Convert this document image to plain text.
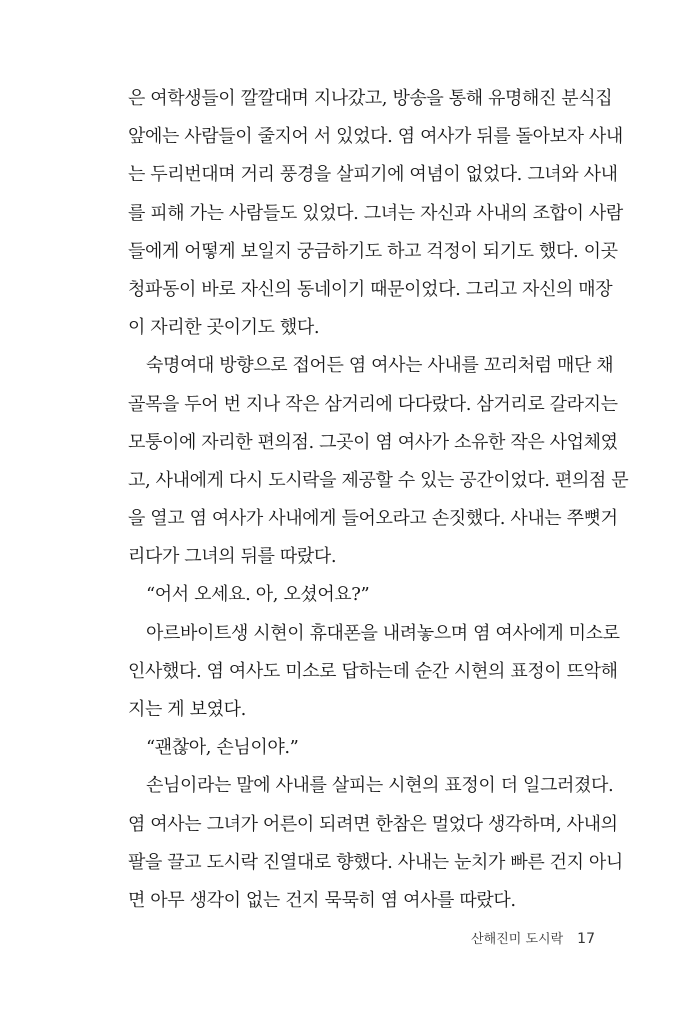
은 여학생들이 깔깔대며 지나갔고, 방송을 통해 유명해진 분식집
앞에는 사람들이 줄지어 서 있었다. 염 여사가 뒤를 돌아보자 사내
는 두리번대며 거리 풍경을 살피기에 여념이 없었다. 그녀와 사내
를 피해 가는 사람들도 있었다. 그녀는 자신과 사내의 조합이 사람
들에게 어떻게 보일지 궁금하기도 하고 걱정이 되기도 했다. 이곳
청파동이 바로 자신의 동네이기 때문이었다. 그리고 자신의 매장
이 자리한 곳이기도 했다.
숙명여대 방향으로 접어든 염 여사는 사내를 꼬리처럼 매단 채
골목을 두어 번 지나 작은 삼거리에 다다랐다. 삼거리로 갈라지는
모퉁이에 자리한 편의점. 그곳이 염 여사가 소유한 작은 사업체였
고, 사내에게 다시 도시락을 제공할 수 있는 공간이었다. 편의점 문
을 열고 염 여사가 사내에게 들어오라고 손짓했다. 사내는 쭈뼛거
리다가 그녀의 뒤를 따랐다.
“어서 오세요. 아, 오셨어요?”
아르바이트생 시현이 휴대폰을 내려놓으며 염 여사에게 미소로
인사했다. 염 여사도 미소로 답하는데 순간 시현의 표정이 뜨악해
지는 게 보였다.
“괜찮아, 손님이야.”
손님이라는 말에 사내를 살피는 시현의 표정이 더 일그러졌다.
염 여사는 그녀가 어른이 되려면 한참은 멀었다 생각하며, 사내의
팔을 끌고 도시락 진열대로 향했다. 사내는 눈치가 빠른 건지 아니
면 아무 생각이 없는 건지 묵묵히 염 여사를 따랐다.
산해진미 도시락 17
